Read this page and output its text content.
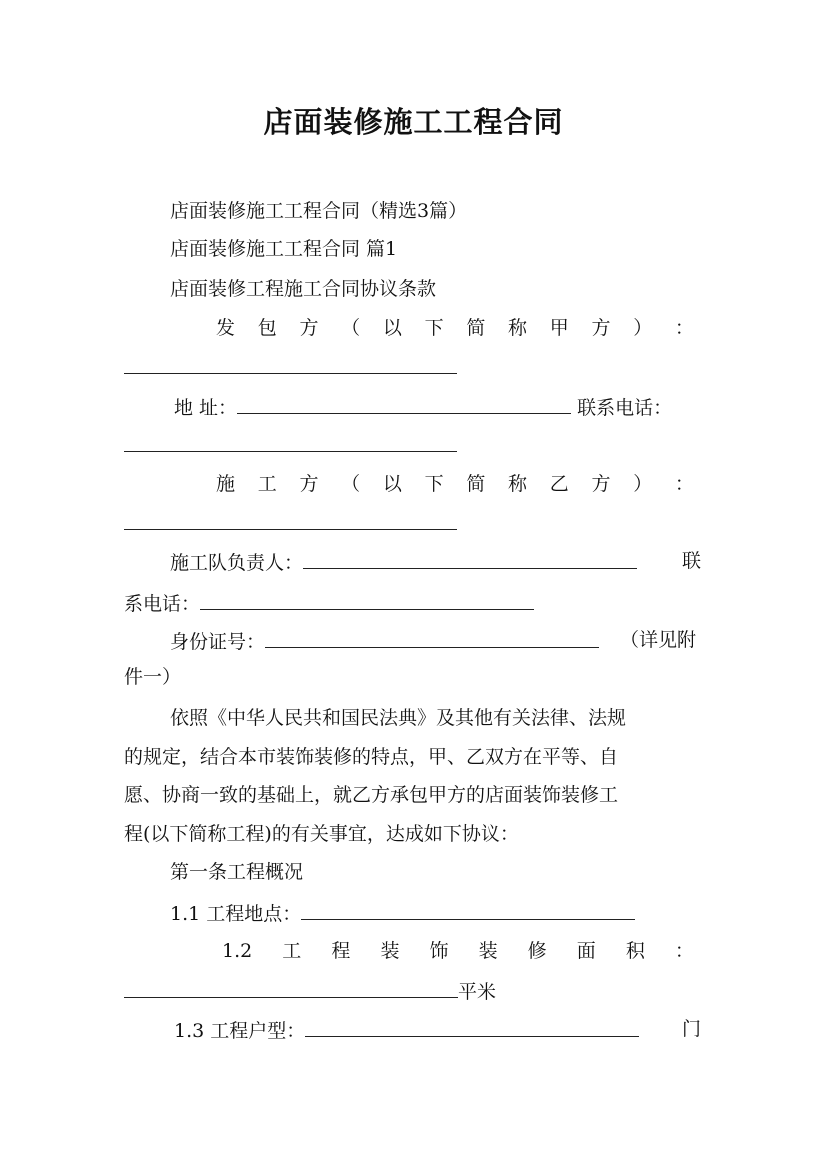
店面装修施工工程合同
店面装修施工工程合同（精选3篇）
店面装修施工工程合同 篇1
店面装修工程施工合同协议条款
发 包 方 （ 以 下 简 称 甲 方 ） ：
地 址：	联系电话：
施 工 方 （ 以 下 简 称 乙 方 ） ：
施工队负责人：	联
系电话：
身份证号：	（详见附
件一）
依照《中华人民共和国民法典》及其他有关法律、法规
的规定，结合本市装饰装修的特点，甲、乙双方在平等、自
愿、协商一致的基础上，就乙方承包甲方的店面装饰装修工
程(以下简称工程)的有关事宜，达成如下协议：
第一条工程概况
1.1 工程地点：
1.2 工 程 装 饰 装 修 面 积 ：
平米
1.3 工程户型：	门
